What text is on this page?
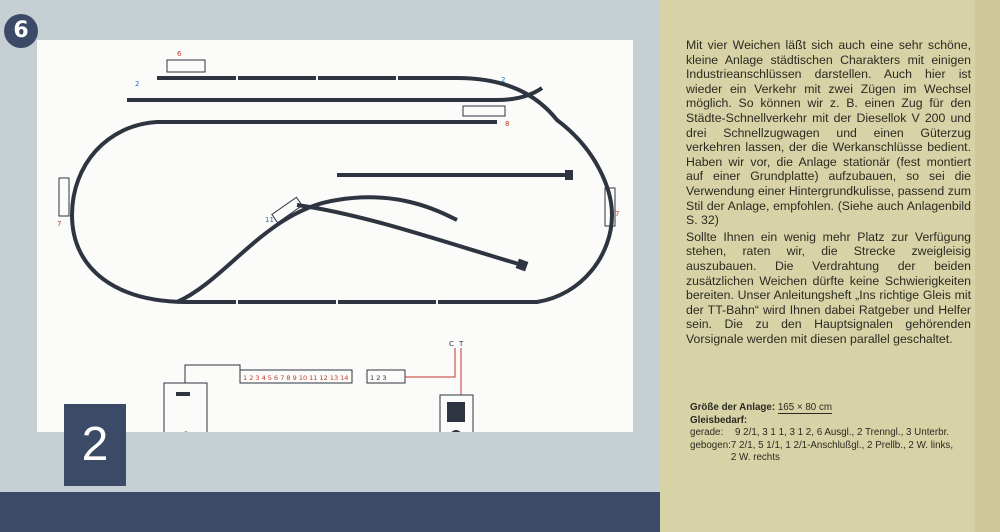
6
6
8
7
7
2	2
11
1 2 3 4 5 6 7 8 9 10 11 12 13 14	1 2 3
C T
2

Mit vier Weichen läßt sich auch eine sehr schöne, kleine Anlage städtischen Charakters mit einigen Industrieanschlüssen darstellen. Auch hier ist wieder ein Verkehr mit zwei Zügen im Wechsel möglich. So können wir z. B. einen Zug für den Städte-Schnellverkehr mit der Diesellok V 200 und drei Schnellzugwagen und einen Güterzug verkehren lassen, der die Werkanschlüsse bedient. Haben wir vor, die Anlage stationär (fest montiert auf einer Grundplatte) aufzubauen, so sei die Verwendung einer Hintergrundkulisse, passend zum Stil der Anlage, empfohlen. (Siehe auch Anlagenbild S. 32)

Sollte Ihnen ein wenig mehr Platz zur Verfügung stehen, raten wir, die Strecke zweigleisig auszubauen. Die Verdrahtung der beiden zusätzlichen Weichen dürfte keine Schwierigkeiten bereiten. Unser Anleitungsheft „Ins richtige Gleis mit der TT-Bahn“ wird Ihnen dabei Ratgeber und Helfer sein. Die zu den Hauptsignalen gehörenden Vorsignale werden mit diesen parallel geschaltet.

Größe der Anlage: 165 × 80 cm
Gleisbedarf:
gerade:	9 2/1, 3 1 1, 3 1 2, 6 Ausgl., 2 Trenngl., 3 Unterbr.
gebogen: 7 2/1, 5 1/1, 1 2/1-Anschlußgl., 2 Prellb., 2 W. links, 2 W. rechts
